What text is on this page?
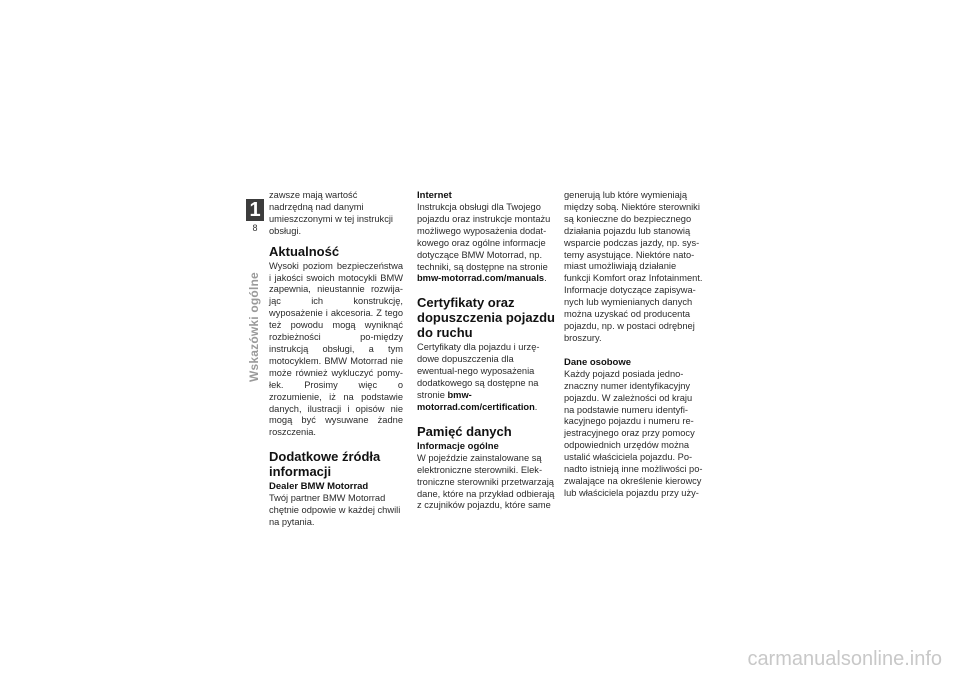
1
8
Wskazówki ogólne

zawsze mają wartość nadrzędną nad danymi umieszczonymi w tej instrukcji obsługi.

Aktualność

Wysoki poziom bezpieczeństwa i jakości swoich motocykli BMW zapewnia, nieustannie rozwija-jąc ich konstrukcję, wyposażenie i akcesoria. Z tego też powodu mogą wyniknąć rozbieżności po-między instrukcją obsługi, a tym motocyklem. BMW Motorrad nie może również wykluczyć pomy-łek. Prosimy więc o zrozumienie, iż na podstawie danych, ilustracji i opisów nie mogą być wysuwane żadne roszczenia.

Dodatkowe źródła informacji
Dealer BMW Motorrad

Twój partner BMW Motorrad chętnie odpowie w każdej chwili na pytania.

Internet

Instrukcja obsługi dla Twojego pojazdu oraz instrukcje montażu możliwego wyposażenia dodat-kowego oraz ogólne informacje dotyczące BMW Motorrad, np. techniki, są dostępne na stronie bmw-motorrad.com/manuals.

Certyfikaty oraz dopuszczenia pojazdu do ruchu

Certyfikaty dla pojazdu i urzę-dowe dopuszczenia dla ewentual-nego wyposażenia dodatkowego są dostępne na stronie bmw-motorrad.com/certification.

Pamięć danych
Informacje ogólne

W pojeździe zainstalowane są elektroniczne sterowniki. Elek-troniczne sterowniki przetwarzają dane, które na przykład odbierają z czujników pojazdu, które same

generują lub które wymieniają między sobą. Niektóre sterowniki są konieczne do bezpiecznego działania pojazdu lub stanowią wsparcie podczas jazdy, np. sys-temy asystujące. Niektóre nato-miast umożliwiają działanie funkcji Komfort oraz Infotainment. Informacje dotyczące zapisywa-nych lub wymienianych danych można uzyskać od producenta pojazdu, np. w postaci odrębnej broszury.

Dane osobowe

Każdy pojazd posiada jedno-znaczny numer identyfikacyjny pojazdu. W zależności od kraju na podstawie numeru identyfi-kacyjnego pojazdu i numeru re-jestracyjnego oraz przy pomocy odpowiednich urzędów można ustalić właściciela pojazdu. Po-nadto istnieją inne możliwości po-zwalające na określenie kierowcy lub właściciela pojazdu przy uży-

carmanualsonline.info
